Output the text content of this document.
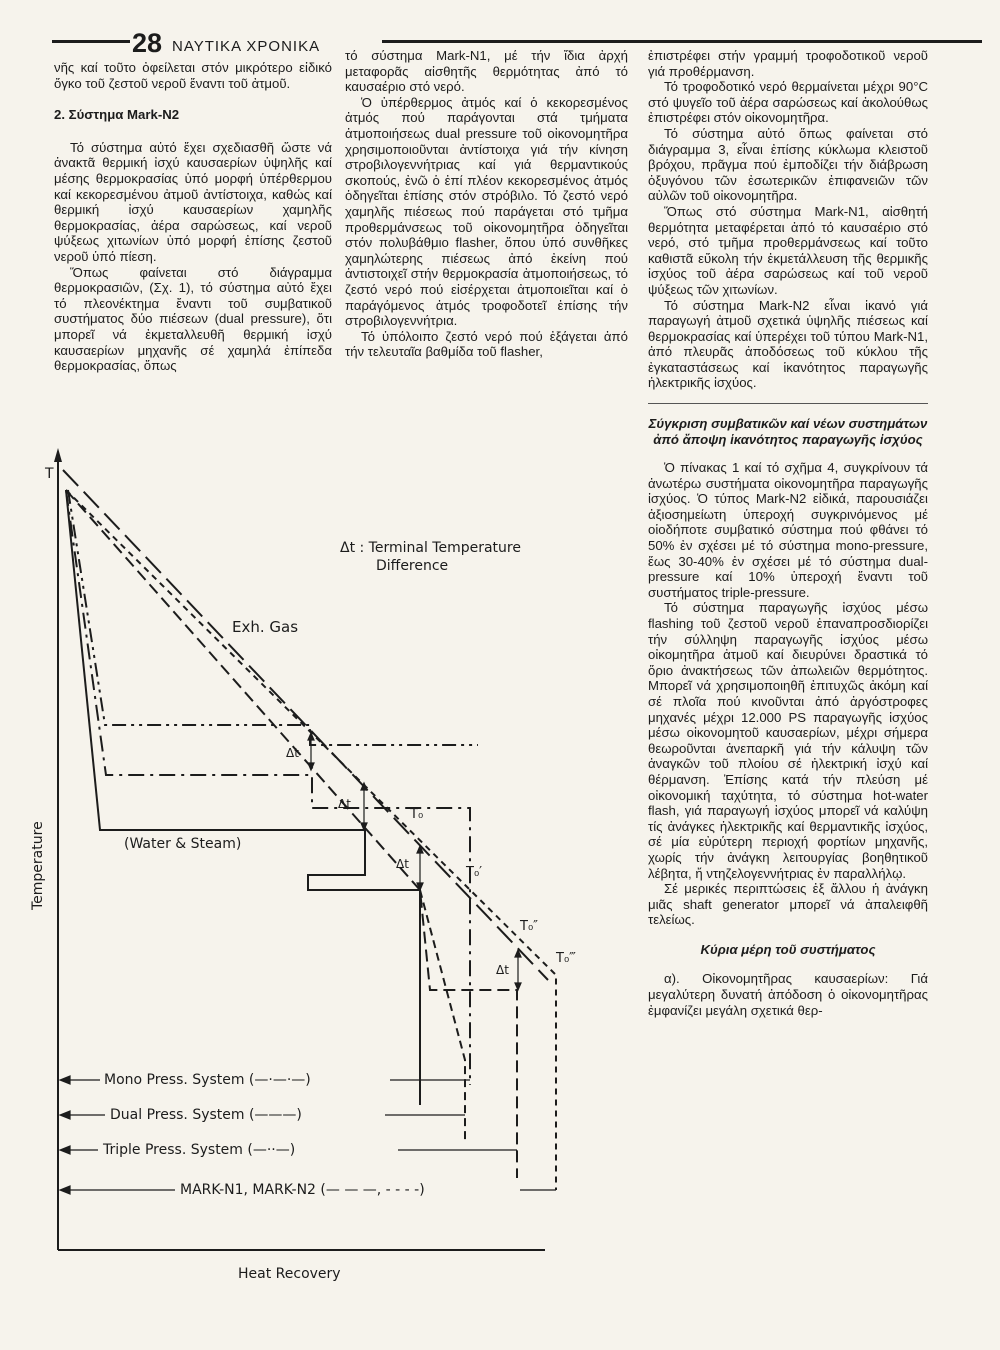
28 ΝΑΥΤΙΚΑ ΧΡΟΝΙΚΑ

νῆς καί τοῦτο ὀφείλεται στόν μικρότερο εἰδικό ὄγκο τοῦ ζεστοῦ νεροῦ ἔναντι τοῦ ἀτμοῦ.

2. Σύστημα Mark-N2

Τό σύστημα αὐτό ἔχει σχεδιασθῆ ὥστε νά ἀνακτᾶ θερμική ἰσχύ καυσαερίων ὑψηλῆς καί μέσης θερμοκρασίας ὑπό μορφή ὑπέρθερμου καί κεκορεσμένου ἀτμοῦ ἀντίστοιχα, καθώς καί θερμική ἰσχύ καυσαερίων χαμηλῆς θερμοκρασίας, ἀέρα σαρώσεως, καί νεροῦ ψύξεως χιτωνίων ὑπό μορφή ἐπίσης ζεστοῦ νεροῦ ὑπό πίεση.

Ὅπως φαίνεται στό διάγραμμα θερμοκρασιῶν, (Σχ. 1), τό σύστημα αὐτό ἔχει τό πλεονέκτημα ἔναντι τοῦ συμβατικοῦ συστήματος δύο πιέσεων (dual pressure), ὅτι μπορεῖ νά ἐκμεταλλευθῆ θερμική ἰσχύ καυσαερίων μηχανῆς σέ χαμηλά ἐπίπεδα θερμοκρασίας, ὅπως

τό σύστημα Mark-N1, μέ τήν ἴδια ἀρχή μεταφορᾶς αἰσθητῆς θερμότητας ἀπό τό καυσαέριο στό νερό.

Ὁ ὑπέρθερμος ἀτμός καί ὁ κεκορεσμένος ἀτμός πού παράγονται στά τμήματα ἀτμοποιήσεως dual pressure τοῦ οἰκονομητῆρα χρησιμοποιοῦνται ἀντίστοιχα γιά τήν κίνηση στροβιλογεννήτριας καί γιά θερμαντικούς σκοπούς, ἐνῶ ὁ ἐπί πλέον κεκορεσμένος ἀτμός ὁδηγεῖται ἐπίσης στόν στρόβιλο. Τό ζεστό νερό χαμηλῆς πιέσεως πού παράγεται στό τμῆμα προθερμάνσεως τοῦ οἰκονομητῆρα ὁδηγεῖται στόν πολυβάθμιο flasher, ὅπου ὑπό συνθῆκες χαμηλώτερης πιέσεως ἀπό ἐκείνη πού ἀντιστοιχεῖ στήν θερμοκρασία ἀτμοποιήσεως, τό ζεστό νερό πού εἰσέρχεται ἀτμοποιεῖται καί ὁ παράγόμενος ἀτμός τροφοδοτεῖ ἐπίσης τήν στροβιλογεννήτρια.

Τό ὑπόλοιπο ζεστό νερό πού ἐξάγεται ἀπό τήν τελευταῖα βαθμίδα τοῦ flasher,

ἐπιστρέφει στήν γραμμή τροφοδοτικοῦ νεροῦ γιά προθέρμανση.

Τό τροφοδοτικό νερό θερμαίνεται μέχρι 90°C στό ψυγεῖο τοῦ ἀέρα σαρώσεως καί ἀκολούθως ἐπιστρέφει στόν οἰκονομητῆρα.

Τό σύστημα αὐτό ὅπως φαίνεται στό διάγραμμα 3, εἶναι ἐπίσης κύκλωμα κλειστοῦ βρόχου, πρᾶγμα πού ἐμποδίζει τήν διάβρωση ὀξυγόνου τῶν ἐσωτερικῶν ἐπιφανειῶν τῶν αὐλῶν τοῦ οἰκονομητῆρα.

Ὅπως στό σύστημα Mark-N1, αἰσθητή θερμότητα μεταφέρεται ἀπό τό καυσαέριο στό νερό, στό τμῆμα προθερμάνσεως καί τοῦτο καθιστᾶ εὔκολη τήν ἐκμετάλλευση τῆς θερμικῆς ἰσχύος τοῦ ἀέρα σαρώσεως καί τοῦ νεροῦ ψύξεως τῶν χιτωνίων.

Τό σύστημα Mark-N2 εἶναι ἱκανό γιά παραγωγή ἀτμοῦ σχετικά ὑψηλῆς πιέσεως καί θερμοκρασίας καί ὑπερέχει τοῦ τύπου Mark-N1, ἀπό πλευρᾶς ἀποδόσεως τοῦ κύκλου τῆς ἐγκαταστάσεως καί ἱκανότητος παραγωγῆς ἠλεκτρικῆς ἰσχύος.

Σύγκριση συμβατικῶν καί νέων συστημάτων ἀπό ἄποψη ἱκανότητος παραγωγῆς ἰσχύος

Ὁ πίνακας 1 καί τό σχῆμα 4, συγκρίνουν τά ἀνωτέρω συστήματα οἰκονομητῆρα παραγωγῆς ἰσχύος. Ὁ τύπος Mark-N2 εἰδικά, παρουσιάζει ἀξιοσημείωτη ὑπεροχή συγκρινόμενος μέ οἱοδήποτε συμβατικό σύστημα πού φθάνει τό 50% ἐν σχέσει μέ τό σύστημα mono-pressure, ἕως 30-40% ἐν σχέσει μέ τό σύστημα dual-pressure καί 10% ὑπεροχή ἔναντι τοῦ συστήματος triple-pressure.

Τό σύστημα παραγωγῆς ἰσχύος μέσω flashing τοῦ ζεστοῦ νεροῦ ἐπαναπροσδιορίζει τήν σύλληψη παραγωγῆς ἰσχύος μέσω οἰκομητῆρα ἀτμοῦ καί διευρύνει δραστικά τό ὅριο ἀνακτήσεως τῶν ἀπωλειῶν θερμότητος. Μπορεῖ νά χρησιμοποιηθῆ ἐπιτυχῶς ἀκόμη καί σέ πλοῖα πού κινοῦνται ἀπό ἀργόστροφες μηχανές μέχρι 12.000 PS παραγωγῆς ἰσχύος μέσω οἰκονομητοῦ καυσαερίων, μέχρι σήμερα θεωροῦνται ἀνεπαρκῆ γιά τήν κάλυψη τῶν ἀναγκῶν τοῦ πλοίου σέ ἠλεκτρική ἰσχύ καί θέρμανση. Ἐπίσης κατά τήν πλεύση μέ οἰκονομική ταχύτητα, τό σύστημα hot-water flash, γιά παραγωγή ἰσχύος μπορεῖ νά καλύψη τίς ἀνάγκες ἠλεκτρικῆς καί θερμαντικῆς ἰσχύος, σέ μία εὐρύτερη περιοχή φορτίων μηχανῆς, χωρίς τήν ἀνάγκη λειτουργίας βοηθητικοῦ λέβητα, ἤ ντηζελογεννήτριας ἐν παραλλήλῳ.

Σέ μερικές περιπτώσεις ἐξ ἄλλου ἡ ἀνάγκη μιᾶς shaft generator μπορεῖ νά ἀπαλειφθῆ τελείως.

Κύρια μέρη τοῦ συστήματος

α). Οἰκονομητῆρας καυσαερίων: Γιά μεγαλύτερη δυνατή ἀπόδοση ὁ οἰκονομητῆρας ἐμφανίζει μεγάλη σχετικά θερ-

Temperature
Heat Recovery
T
Δt : Terminal Temperature
Difference
Exh. Gas
(Water & Steam)
Δt
Δt
Δt
Δt
T₀
T₀′
T₀″
T₀‴
Mono Press. System (—·—·—)
Dual Press. System (———)
Triple Press. System (—··—)
MARK-N1, MARK-N2 (— — —, - - - -)
